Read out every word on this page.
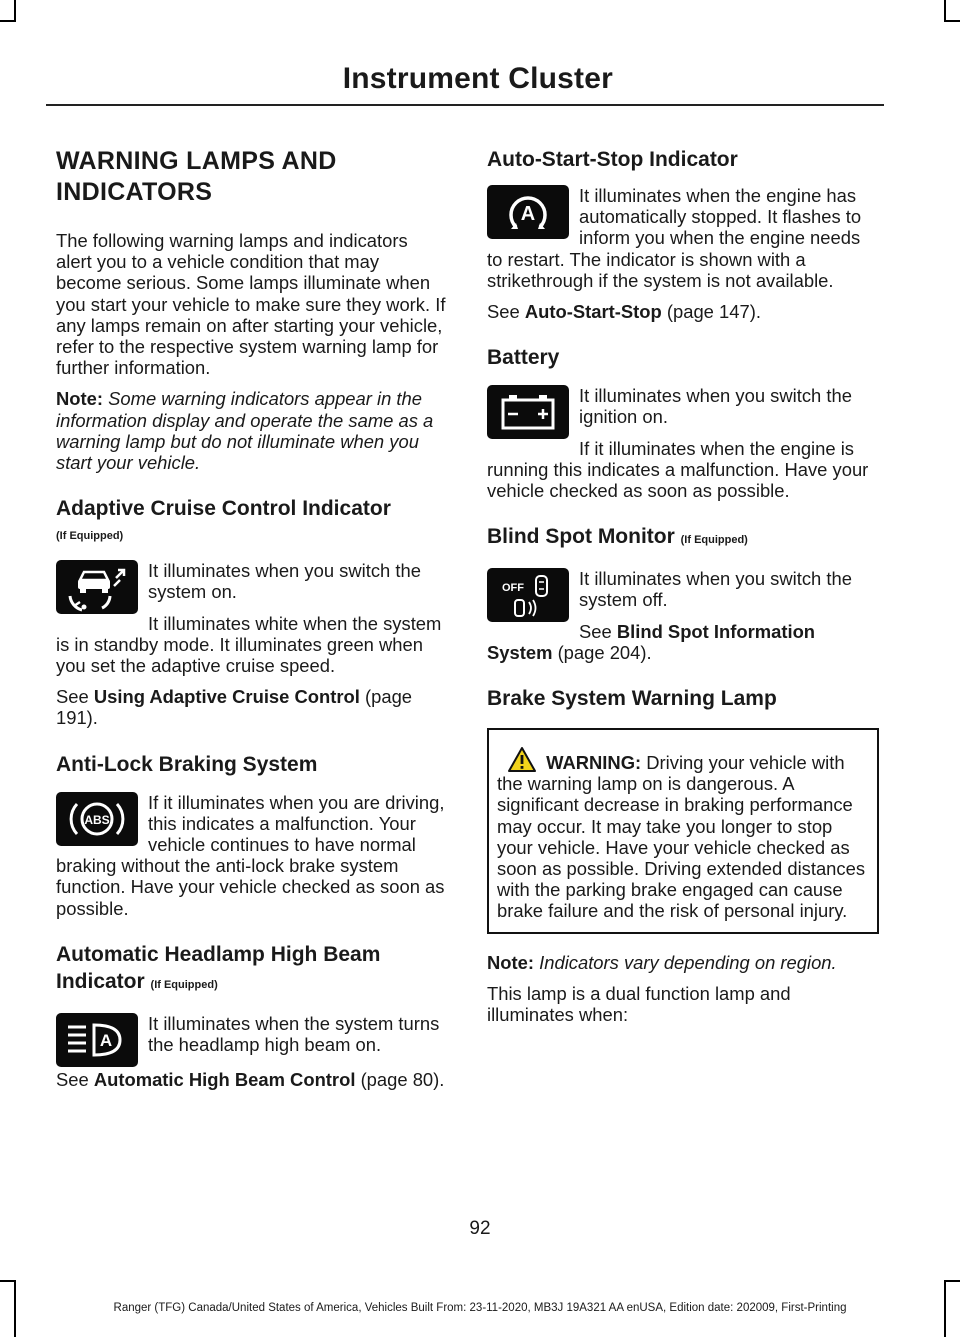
Instrument Cluster
WARNING LAMPS AND INDICATORS

The following warning lamps and indicators alert you to a vehicle condition that may become serious. Some lamps illuminate when you start your vehicle to make sure they work. If any lamps remain on after starting your vehicle, refer to the respective system warning lamp for further information.

Note: Some warning indicators appear in the information display and operate the same as a warning lamp but do not illuminate when you start your vehicle.

Adaptive Cruise Control Indicator
(If Equipped)

It illuminates when you switch the system on.

It illuminates white when the system is in standby mode. It illuminates green when you set the adaptive cruise speed.

See Using Adaptive Cruise Control (page 191).

Anti-Lock Braking System
ABS

If it illuminates when you are driving, this indicates a malfunction. Your vehicle continues to have normal braking without the anti-lock brake system function. Have your vehicle checked as soon as possible.

Automatic Headlamp High Beam Indicator (If Equipped)
A

It illuminates when the system turns the headlamp high beam on.

See Automatic High Beam Control (page 80).

Auto-Start-Stop Indicator
A

It illuminates when the engine has automatically stopped. It flashes to inform you when the engine needs to restart. The indicator is shown with a strikethrough if the system is not available.

See Auto-Start-Stop (page 147).

Battery

It illuminates when you switch the ignition on.

If it illuminates when the engine is running this indicates a malfunction. Have your vehicle checked as soon as possible.

Blind Spot Monitor (If Equipped)
OFF	It illuminates when you switch the system off.

See Blind Spot Information System (page 204).

Brake System Warning Lamp

WARNING: Driving your vehicle with the warning lamp on is dangerous. A significant decrease in braking performance may occur. It may take you longer to stop your vehicle. Have your vehicle checked as soon as possible. Driving extended distances with the parking brake engaged can cause brake failure and the risk of personal injury.

Note: Indicators vary depending on region.

This lamp is a dual function lamp and illuminates when:

92
Ranger (TFG) Canada/United States of America, Vehicles Built From: 23-11-2020, MB3J 19A321 AA enUSA, Edition date: 202009, First-Printing
